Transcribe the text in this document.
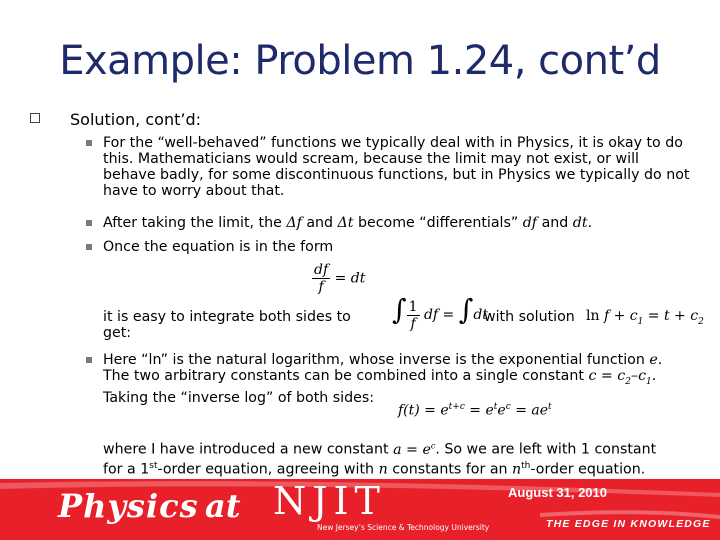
Example: Problem 1.24, cont’d
Solution, cont’d:
For the “well-behaved” functions we typically deal with in Physics, it is okay to do this. Mathematicians would scream, because the limit may not exist, or will behave badly, for some discontinuous functions, but in Physics we typically do not have to worry about that.
After taking the limit, the Δf and Δt become “differentials” df and dt.
Once the equation is in the form
$\frac{df}{f}$ = dt
it is easy to integrate both sides to get:
∫ $\frac{1}{f}$ df = ∫dt
with solution $\ln f + c_1 = t + c_2$
Here “ln” is the natural logarithm, whose inverse is the exponential function e.
The two arbitrary constants can be combined into a single constant $c = c_2-c_1$.
Taking the “inverse log” of both sides:
$f(t) = e^{t+c} = e^te^c = ae^t$
where I have introduced a new constant $a = e^c$. So we are left with 1 constant
for a 1st-order equation, agreeing with n constants for an $n^{th}$-order equation.
Physics at NJIT
New Jersey’s Science & Technology University
August 31, 2010
THE EDGE IN KNOWLEDGE
